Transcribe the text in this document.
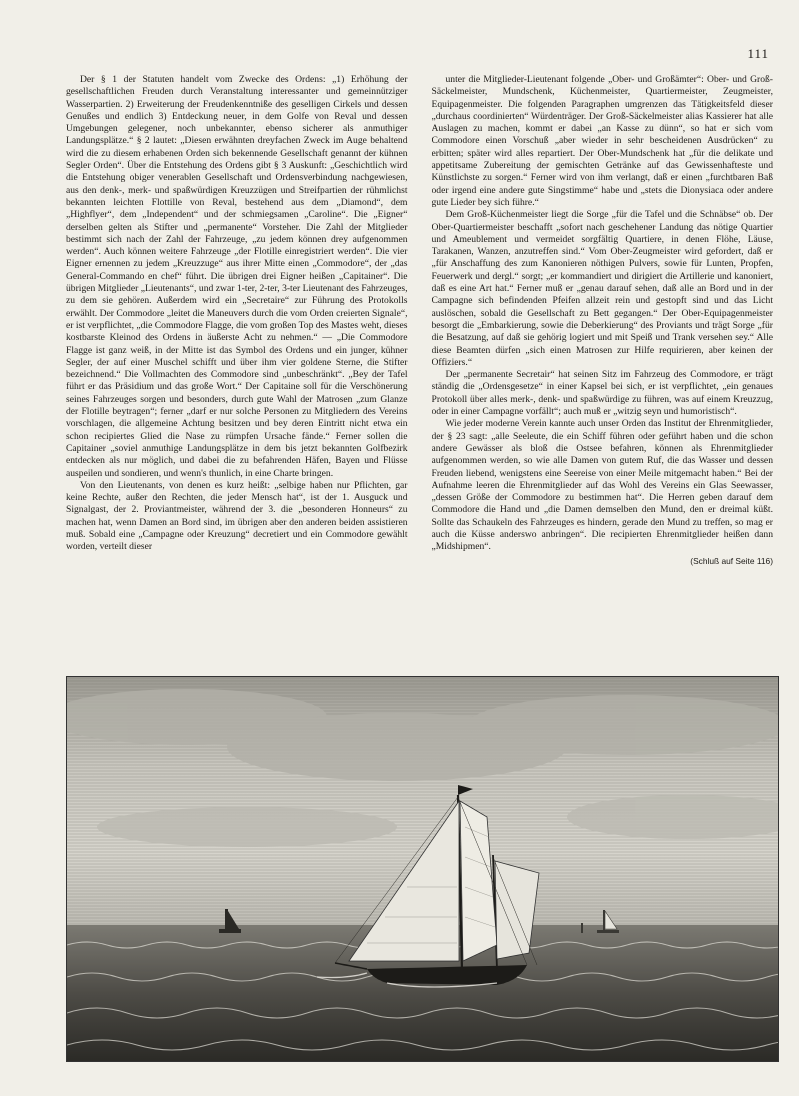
111

Der § 1 der Statuten handelt vom Zwecke des Ordens: „1) Erhöhung der gesellschaftlichen Freuden durch Veranstaltung interessanter und gemeinnütziger Wasserpartien. 2) Erweiterung der Freudenkenntniße des geselligen Cirkels und dessen Genußes und endlich 3) Entdeckung neuer, in dem Golfe von Reval und dessen Umgebungen gelegener, noch unbekannter, ebenso sicherer als anmuthiger Landungsplätze.“ § 2 lautet: „Diesen erwähnten dreyfachen Zweck im Auge behaltend wird die zu diesem erhabenen Orden sich bekennende Gesellschaft genannt der kühnen Segler Orden“. Über die Entstehung des Ordens gibt § 3 Auskunft: „Geschichtlich wird die Entstehung obiger venerablen Gesellschaft und Ordensverbindung nachgewiesen, aus den denk-, merk- und spaßwürdigen Kreuzzügen und Streifpartien der rühmlichst bekannten leichten Flottille von Reval, bestehend aus dem „Diamond“, dem „Highflyer“, dem „Independent“ und der schmiegsamen „Caroline“. Die „Eigner“ derselben gelten als Stifter und „permanente“ Vorsteher. Die Zahl der Mitglieder bestimmt sich nach der Zahl der Fahrzeuge, „zu jedem können drey aufgenommen werden“. Auch können weitere Fahrzeuge „der Flotille einregistriert werden“. Die vier Eigner ernennen zu jedem „Kreuzzuge“ aus ihrer Mitte einen „Commodore“, der „das General-Commando en chef“ führt. Die übrigen drei Eigner heißen „Capitainer“. Die übrigen Mitglieder „Lieutenants“, und zwar 1-ter, 2-ter, 3-ter Lieutenant des Fahrzeuges, zu dem sie gehören. Außerdem wird ein „Secretaire“ zur Führung des Protokolls erwählt. Der Commodore „leitet die Maneuvers durch die vom Orden creierten Signale“, er ist verpflichtet, „die Commodore Flagge, die vom großen Top des Mastes weht, dieses kostbarste Kleinod des Ordens in äußerste Acht zu nehmen.“ — „Die Commodore Flagge ist ganz weiß, in der Mitte ist das Symbol des Ordens und ein junger, kühner Segler, der auf einer Muschel schifft und über ihm vier goldene Sterne, die Stifter bezeichnend.“ Die Vollmachten des Commodore sind „unbeschränkt“. „Bey der Tafel führt er das Präsidium und das große Wort.“ Der Capitaine soll für die Verschönerung seines Fahrzeuges sorgen und besonders, durch gute Wahl der Matrosen „zum Glanze der Flotille beytragen“; ferner „darf er nur solche Personen zu Mitgliedern des Vereins vorschlagen, die allgemeine Achtung besitzen und bey deren Eintritt nicht etwa ein schon recipiertes Glied die Nase zu rümpfen Ursache fände.“ Ferner sollen die Capitainer „soviel anmuthige Landungsplätze in dem bis jetzt bekannten Golfbezirk entdecken als nur möglich, und dabei die zu befahrenden Häfen, Bayen und Flüsse auspeilen und sondieren, und wenn's thunlich, in eine Charte bringen.

Von den Lieutenants, von denen es kurz heißt: „selbige haben nur Pflichten, gar keine Rechte, außer den Rechten, die jeder Mensch hat“, ist der 1. Ausguck und Signalgast, der 2. Proviantmeister, während der 3. die „besonderen Honneurs“ zu machen hat, wenn Damen an Bord sind, im übrigen aber den anderen beiden assistieren muß. Sobald eine „Campagne oder Kreuzung“ decretiert und ein Commodore gewählt worden, verteilt dieser

unter die Mitglieder-Lieutenant folgende „Ober- und Großämter“: Ober- und Groß-Säckelmeister, Mundschenk, Küchenmeister, Quartiermeister, Zeugmeister, Equipagenmeister. Die folgenden Paragraphen umgrenzen das Tätigkeitsfeld dieser „durchaus coordinierten“ Würdenträger. Der Groß-Säckelmeister alias Kassierer hat alle Auslagen zu machen, kommt er dabei „an Kasse zu dünn“, so hat er sich vom Commodore einen Vorschuß „aber wieder in sehr bescheidenen Ausdrücken“ zu erbitten; später wird alles repartiert. Der Ober-Mundschenk hat „für die delikate und appetitsame Zubereitung der gemischten Getränke auf das Gewissenhafteste und Künstlichste zu sorgen.“ Ferner wird von ihm verlangt, daß er einen „furchtbaren Baß oder irgend eine andere gute Singstimme“ habe und „stets die Dionysiaca oder andere gute Lieder bey sich führe.“

Dem Groß-Küchenmeister liegt die Sorge „für die Tafel und die Schnäbse“ ob. Der Ober-Quartiermeister beschafft „sofort nach geschehener Landung das nötige Quartier und Ameublement und vermeidet sorgfältig Quartiere, in denen Flöhe, Läuse, Tarakanen, Wanzen, anzutreffen sind.“ Vom Ober-Zeugmeister wird gefordert, daß er „für Anschaffung des zum Kanonieren nöthigen Pulvers, sowie für Lunten, Propfen, Feuerwerk und dergl.“ sorgt; „er kommandiert und dirigiert die Artillerie und kanoniert, daß es eine Art hat.“ Ferner muß er „genau darauf sehen, daß alle an Bord und in der Campagne sich befindenden Pfeifen allzeit rein und gestopft sind und das Licht auslöschen, sobald die Gesellschaft zu Bett gegangen.“ Der Ober-Equipagenmeister besorgt die „Embarkierung, sowie die Deberkierung“ des Proviants und trägt Sorge „für die Besatzung, auf daß sie gehörig logiert und mit Speiß und Trank versehen sey.“ Alle diese Beamten dürfen „sich einen Matrosen zur Hilfe requirieren, aber keinen der Offiziers.“

Der „permanente Secretair“ hat seinen Sitz im Fahrzeug des Commodore, er trägt ständig die „Ordensgesetze“ in einer Kapsel bei sich, er ist verpflichtet, „ein genaues Protokoll über alles merk-, denk- und spaßwürdige zu führen, was auf einem Kreuzzug, oder in einer Campagne vorfällt“; auch muß er „witzig seyn und humoristisch“.

Wie jeder moderne Verein kannte auch unser Orden das Institut der Ehrenmitglieder, der § 23 sagt: „alle Seeleute, die ein Schiff führen oder geführt haben und die schon andere Gewässer als bloß die Ostsee befahren, können als Ehrenmitglieder aufgenommen werden, so wie alle Damen von gutem Ruf, die das Wasser und dessen Freuden liebend, wenigstens eine Seereise von einer Meile mitgemacht haben.“ Bei der Aufnahme leeren die Ehrenmitglieder auf das Wohl des Vereins ein Glas Seewasser, „dessen Größe der Commodore zu bestimmen hat“. Die Herren geben darauf dem Commodore die Hand und „die Damen demselben den Mund, den er dreimal küßt. Sollte das Schaukeln des Fahrzeuges es hindern, gerade den Mund zu treffen, so mag er auch die Küsse anderswo anbringen“. Die recipierten Ehrenmitglieder heißen dann „Midshipmen“.

(Schluß auf Seite 116)
